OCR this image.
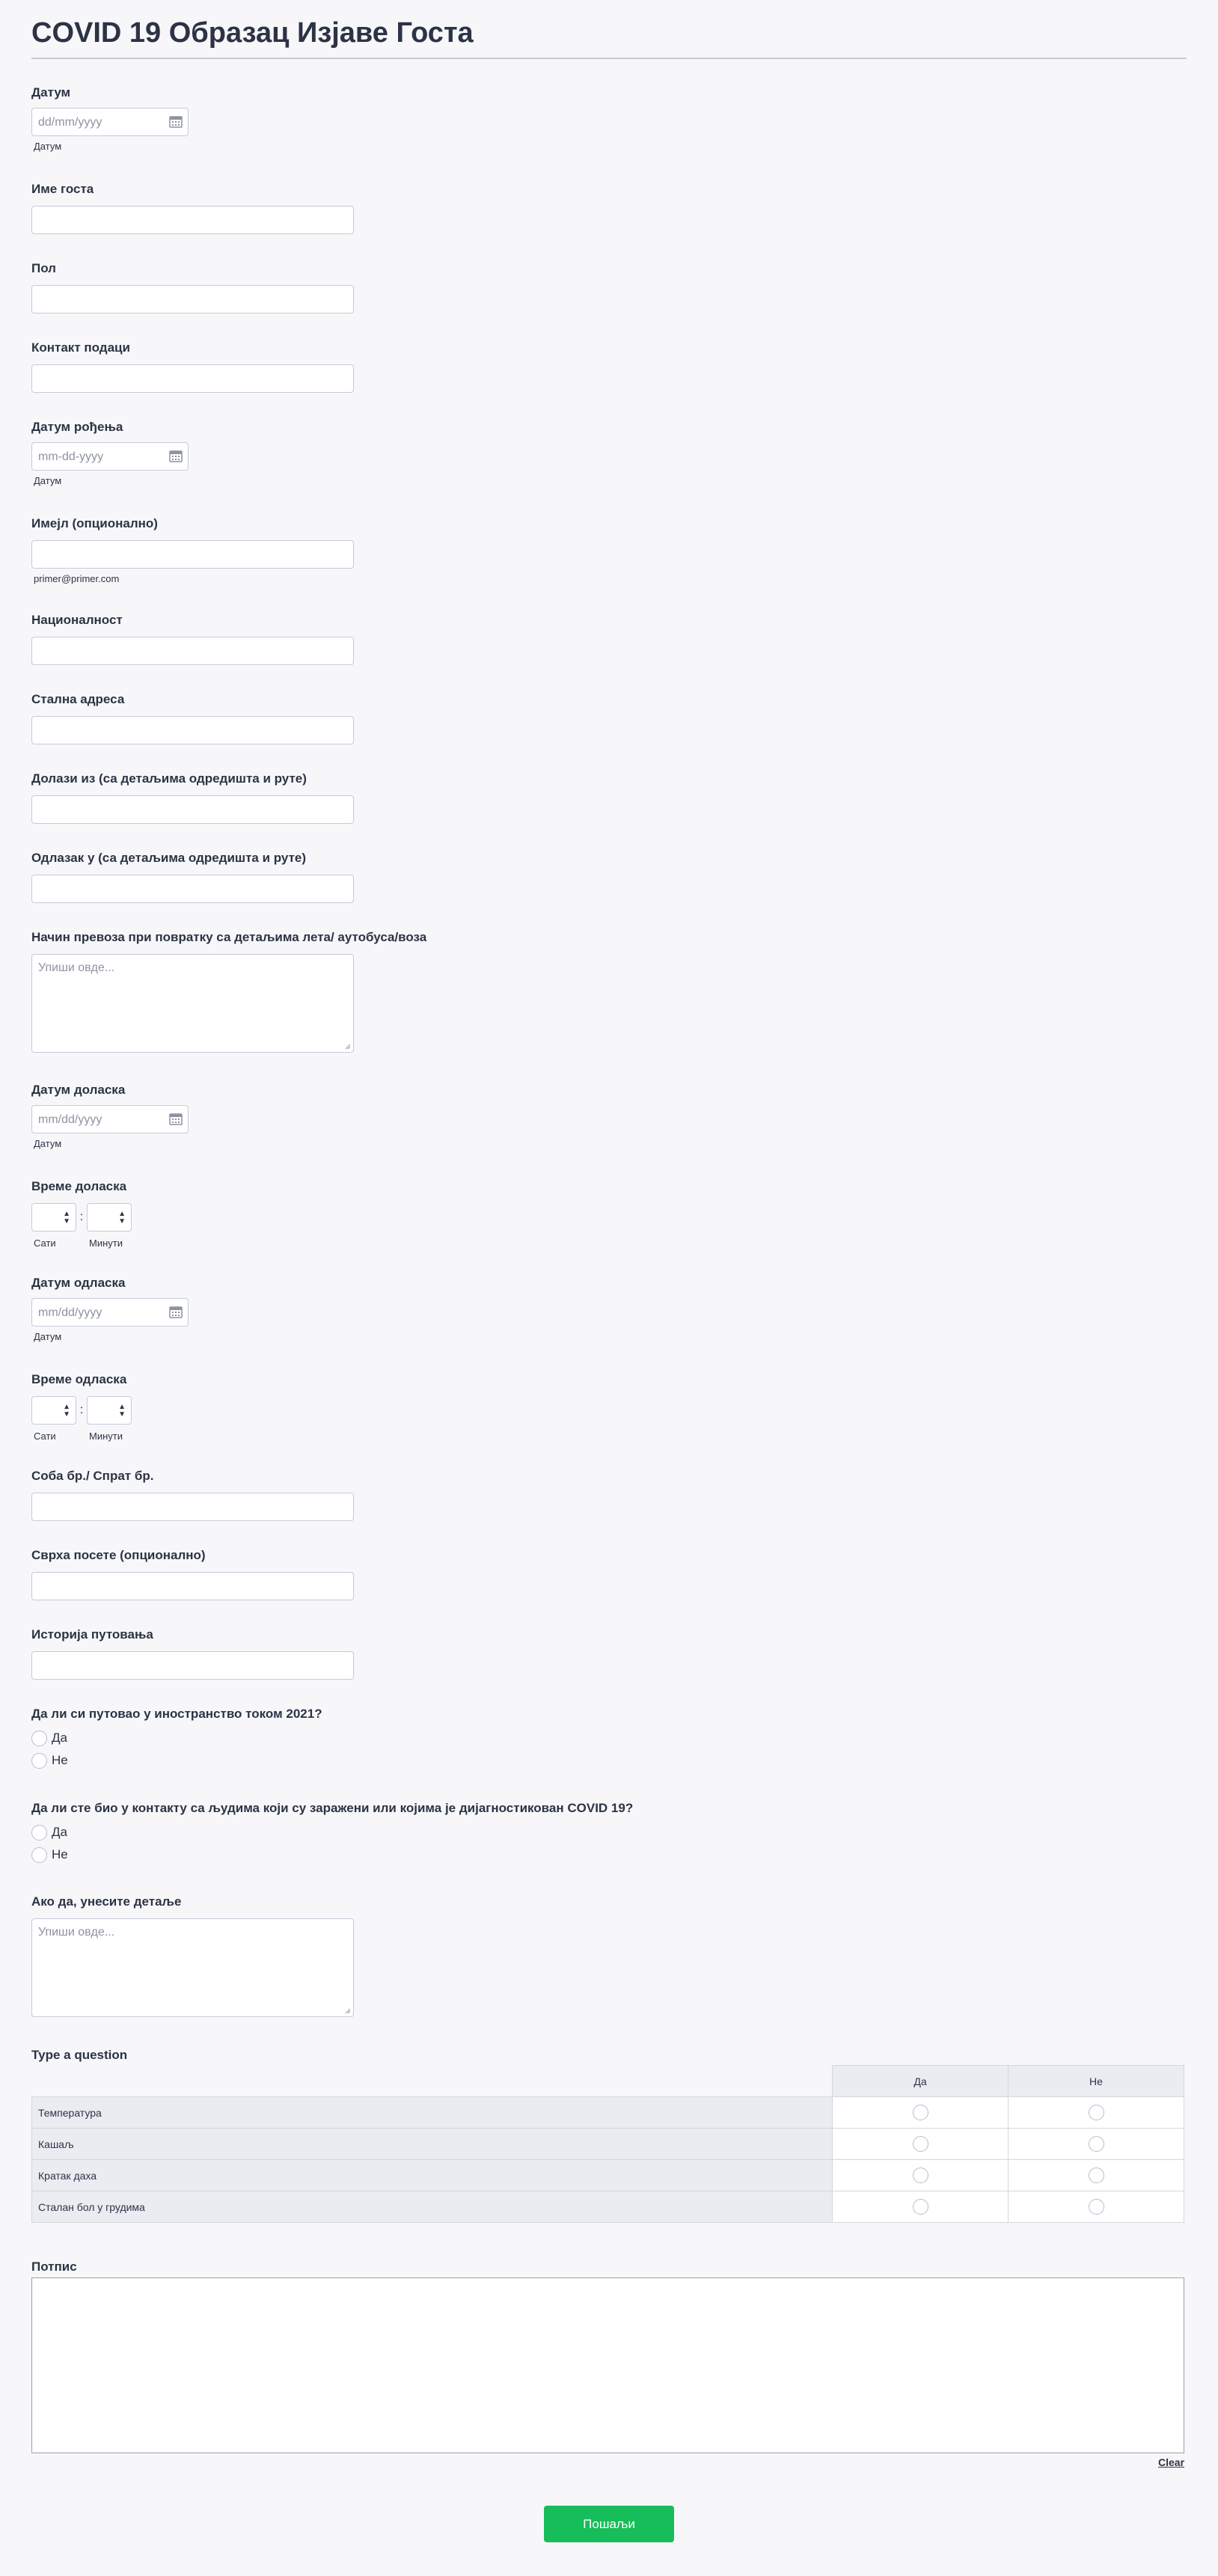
COVID 19 Образац Изјаве Госта
Датум
dd/mm/yyyy
Датум
Име госта
Пол
Контакт подаци
Датум рођења
mm-dd-yyyy
Датум
Имејл (опционално)
primer@primer.com
Националност
Стална адреса
Долази из (са детаљима одредишта и руте)
Одлазак у (са детаљима одредишта и руте)
Начин превоза при повратку са детаљима лета/ аутобуса/воза
Упиши овде...
Датум доласка
mm/dd/yyyy
Датум
Време доласка
▲
▼
Сати
:	▲
▼
Минути
Датум одласка
mm/dd/yyyy
Датум
Време одласка
▲
▼
Сати
:	▲
▼
Минути
Соба бр./ Спрат бр.
Сврха посете (опционално)
Историја путовања
Да ли си путовао у иностранство током 2021?
Да
Не
Да ли сте био у контакту са људима који су заражени или којима је дијагностикован COVID 19?
Да
Не
Ако да, унесите детаље
Упиши овде...
Type a question
	Да	Не
Температура		
Кашаљ		
Кратак даха		
Сталан бол у грудима		
Потпис
Clear
Пошаљи
